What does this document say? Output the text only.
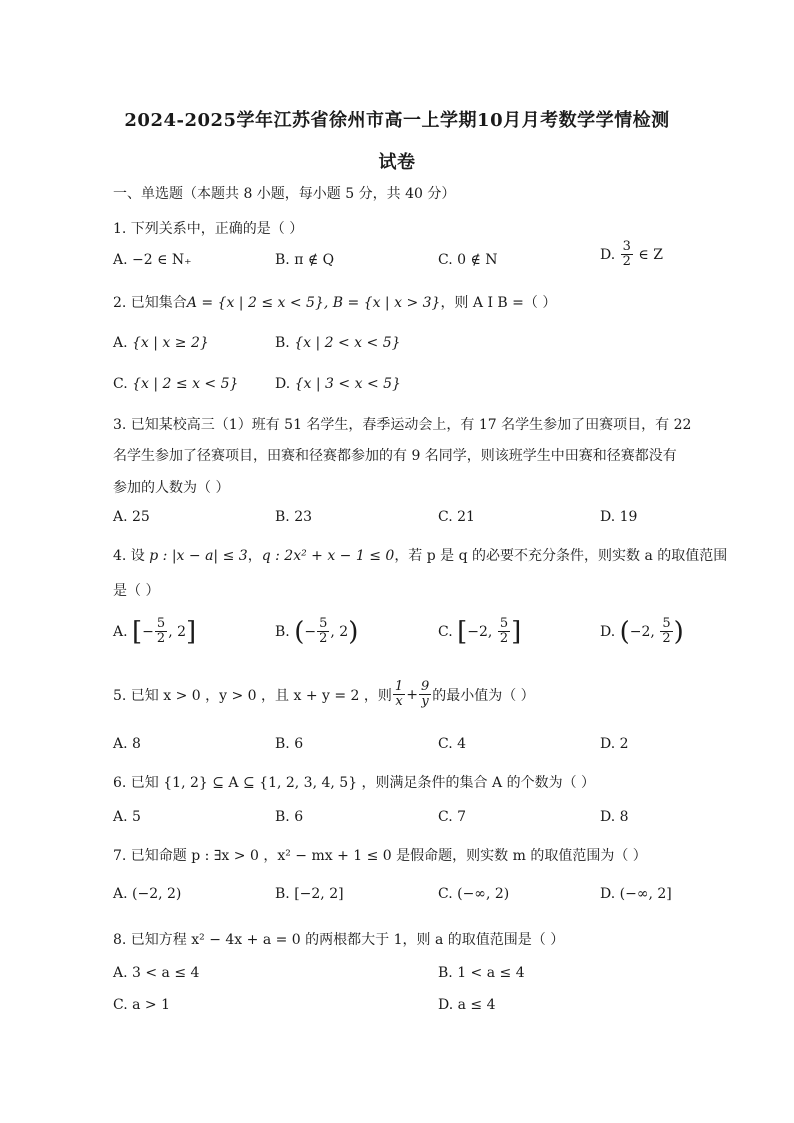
2024-2025学年江苏省徐州市高一上学期10月月考数学学情检测
试卷
一、单选题（本题共 8 小题，每小题 5 分，共 40 分）
1. 下列关系中，正确的是（ ）
A. −2 ∈ N₊	B. π ∉ Q	C. 0 ∉ N	D. $\frac{3}{2}$ ∈ Z
2. 已知集合A = {x | 2 ≤ x < 5}, B = {x | x > 3}，则 A I B =（ ）
A. {x | x ≥ 2}	B. {x | 2 < x < 5}
C. {x | 2 ≤ x < 5}	D. {x | 3 < x < 5}
3. 已知某校高三（1）班有 51 名学生，春季运动会上，有 17 名学生参加了田赛项目，有 22
名学生参加了径赛项目，田赛和径赛都参加的有 9 名同学，则该班学生中田赛和径赛都没有
参加的人数为（ ）
A. 25	B. 23	C. 21	D. 19
4. 设 p : |x − a| ≤ 3，q : 2x² + x − 1 ≤ 0，若 p 是 q 的必要不充分条件，则实数 a 的取值范围
是（ ）
A. [− $\frac{5}{2}$ , 2]	B. (− $\frac{5}{2}$ , 2)	C. [−2, $\frac{5}{2}$ ]	D. (−2, $\frac{5}{2}$ )
5. 已知 x > 0 ，y > 0 ，且 x + y = 2 ，则 $\frac{1}{x} + \frac{9}{y}$ 的最小值为（ ）
A. 8	B. 6	C. 4	D. 2
6. 已知 {1, 2} ⊆ A ⊆ {1, 2, 3, 4, 5} ，则满足条件的集合 A 的个数为（ ）
A. 5	B. 6	C. 7	D. 8
7. 已知命题 p : ∃x > 0 ，x² − mx + 1 ≤ 0 是假命题，则实数 m 的取值范围为（ ）
A. (−2, 2)	B. [−2, 2]	C. (−∞, 2)	D. (−∞, 2]
8. 已知方程 x² − 4x + a = 0 的两根都大于 1，则 a 的取值范围是（ ）
A. 3 < a ≤ 4	B. 1 < a ≤ 4
C. a > 1	D. a ≤ 4
